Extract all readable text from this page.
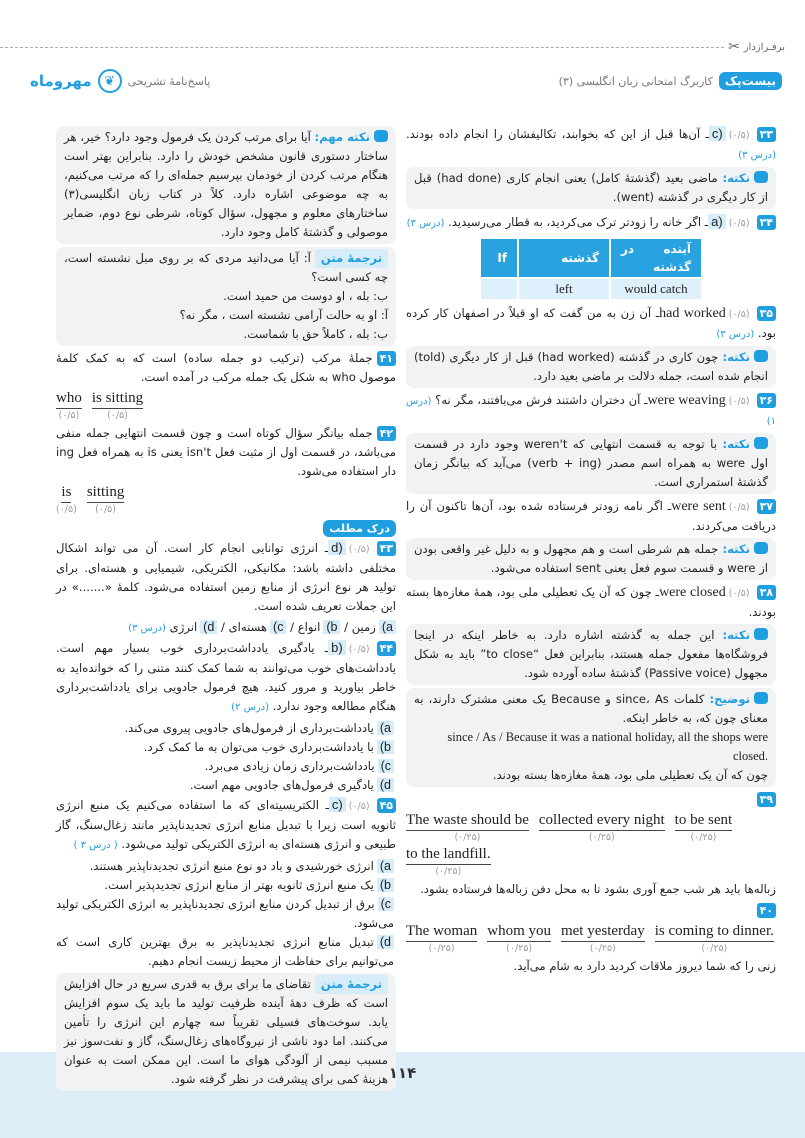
برفـراز‌دار
✂
بیست‌پک
کاربرگ امتحانی زبان انگلیسی (۳)
پاسخ‌نامهٔ تشریحی
❦
مهروماه
۳۳c) (۰/۵)ـ آن‌ها قبل از این که بخوابند، تکالیفشان را انجام داده بودند. (درس ۳)
نکته: ماضی بعید (گذشتهٔ کامل) یعنی انجام کاری (had done) قبل از کار دیگری در گذشته (went).
۳۴a) (۰/۵)ـ اگر خانه را زودتر ترک می‌کردید، به قطار می‌رسیدید. (درس ۳)
آینده در گذشته	گذشته	If
would catch	left	
۳۵had worked (۰/۵)ـ آن زن به من گفت که او قبلاً در اصفهان کار کرده بود. (درس ۳)
نکته: چون کاری در گذشته (had worked) قبل از کار دیگری (told) انجام شده است، جمله دلالت بر ماضی بعید دارد.
۳۶were weaving (۰/۵)ـ آن دختران داشتند فرش می‌بافتند، مگر نه؟ (درس ۱)
نکته: با توجه به قسمت انتهایی که weren't وجود دارد در قسمت اول were به همراه اسم مصدر (verb + ing) می‌آید که بیانگر زمان گذشتهٔ استمراری است.
۳۷were sent (۰/۵)ـ اگر نامه زودتر فرستاده شده بود، آن‌ها تاکنون آن را دریافت می‌کردند.
نکته: جمله هم شرطی است و هم مجهول و به دلیل غیر واقعی بودن از were و قسمت سوم فعل یعنی sent استفاده می‌شود.
۳۸were closed (۰/۵)ـ چون که آن یک تعطیلی ملی بود، همهٔ مغازه‌ها بسته بودند.
نکته: این جمله به گذشته اشاره دارد. به خاطر اینکه در اینجا فروشگاه‌ها مفعول جمله هستند، بنابراین فعل “to close” باید به شکل مجهول (Passive voice) گذشتهٔ ساده آورده شود.
توضیح: کلمات since، As و Because یک معنی مشترک دارند، به معنای چون که، به خاطر اینکه.
since / As / Because it was a national holiday, all the shops were closed.
چون که آن یک تعطیلی ملی بود، همهٔ مغازه‌ها بسته بودند.
۳۹
The waste should be
(۰/۲۵)
collected every night
(۰/۲۵)
to be sent
(۰/۲۵)
to the landfill.
(۰/۲۵)
زباله‌ها باید هر شب جمع آوری بشود تا به محل دفن زباله‌ها فرستاده بشود.
۴۰
The woman
(۰/۲۵)
whom you
(۰/۲۵)
met yesterday
(۰/۲۵)
is coming to dinner.
(۰/۲۵)
زنی را که شما دیروز ملاقات کردید دارد به شام می‌آید.
نکته مهم: آیا برای مرتب کردن یک فرمول وجود دارد؟ خیر، هر ساختار دستوری قانون مشخص خودش را دارد. بنابراین بهتر است هنگام مرتب کردن از خودمان بپرسیم جمله‌ای را که مرتب می‌کنیم، به چه موضوعی اشاره دارد. کلاً در کتاب زبان انگلیسی(۳) ساختارهای معلوم و مجهول، سؤال کوتاه، شرطی نوع دوم، ضمایر موصولی و گذشتهٔ کامل وجود دارد.
ترجمهٔ متنآ: آیا می‌دانید مردی که بر روی مبل نشسته است، چه کسی است؟
ب: بله ، او دوست من حمید است.
آ: او به حالت آرامی نشسته است ، مگر نه؟
ب: بله ، کاملاً حق با شماست.
۴۱جملهٔ مرکب (ترکیب دو جمله ساده) است که به کمک کلمهٔ موصول who به شکل یک جمله مرکب در آمده است.
who
(۰/۵)
is sitting
(۰/۵)
۴۲جمله بیانگر سؤال کوتاه است و چون قسمت انتهایی جمله منفی می‌باشد، در قسمت اول از مثبت فعل isn't یعنی is به همراه فعل ing دار استفاده می‌شود.
is
(۰/۵)
sitting
(۰/۵)
درک مطلب
۴۳d) (۰/۵)ـ انرژی توانایی انجام کار است. آن می تواند اشکال مختلفی داشته باشد: مکانیکی، الکتریکی، شیمیایی و هسته‌ای. برای تولید هر نوع انرژی از منابع زمین استفاده می‌شود. کلمهٔ «.......» در این جملات تعریف شده است.
a)زمین / b)انواع / c)هسته‌ای / d)انرژی (درس ۳)
۴۴b) (۰/۵)ـ یادگیری یادداشت‌برداری خوب بسیار مهم است. یادداشت‌های خوب می‌توانند به شما کمک کنند متنی را که خوانده‌اید به خاطر بیاورید و مرور کنید. هیچ فرمول جادویی برای یادداشت‌برداری هنگام مطالعه وجود ندارد. (درس ۲)
a)یادداشت‌برداری از فرمول‌های جادویی پیروی می‌کند.
b)با یادداشت‌برداری خوب می‌توان به ما کمک کرد.
c)یادداشت‌برداری زمان زیادی می‌برد.
d)یادگیری فرمول‌های جادویی مهم است.
۴۵c) (۰/۵)ـ الکتریسیته‌ای که ما استفاده می‌کنیم یک منبع انرژی ثانویه است زیرا با تبدیل منابع انرژی تجدیدناپذیر مانند زغال‌سنگ، گاز طبیعی و انرژی هسته‌ای به انرژی الکتریکی تولید می‌شود. ( درس ۳ )
a)انرژی خورشیدی و باد دو نوع منبع انرژی تجدیدناپذیر هستند.
b)یک منبع انرژی ثانویه بهتر از منابع انرژی تجدیدپذیر است.
c)برق از تبدیل کردن منابع انرژی تجدیدناپذیر به انرژی الکتریکی تولید می‌شود.
d)تبدیل منابع انرژی تجدیدناپذیر به برق بهترین کاری است که می‌توانیم برای حفاظت از محیط زیست انجام دهیم.
ترجمهٔ متنتقاضای ما برای برق به قدری سریع در حال افزایش است که ظرف دههٔ آینده ظرفیت تولید ما باید یک سوم افزایش یابد. سوخت‌های فسیلی تقریباً سه چهارم این انرژی را تأمین می‌کنند. اما دود ناشی از نیروگاه‌های زغال‌سنگ، گاز و نفت‌سوز نیز مسبب نیمی از آلودگی هوای ما است. این ممکن است به عنوان هزینهٔ کمی برای پیشرفت در نظر گرفته شود. ۱۱۴
